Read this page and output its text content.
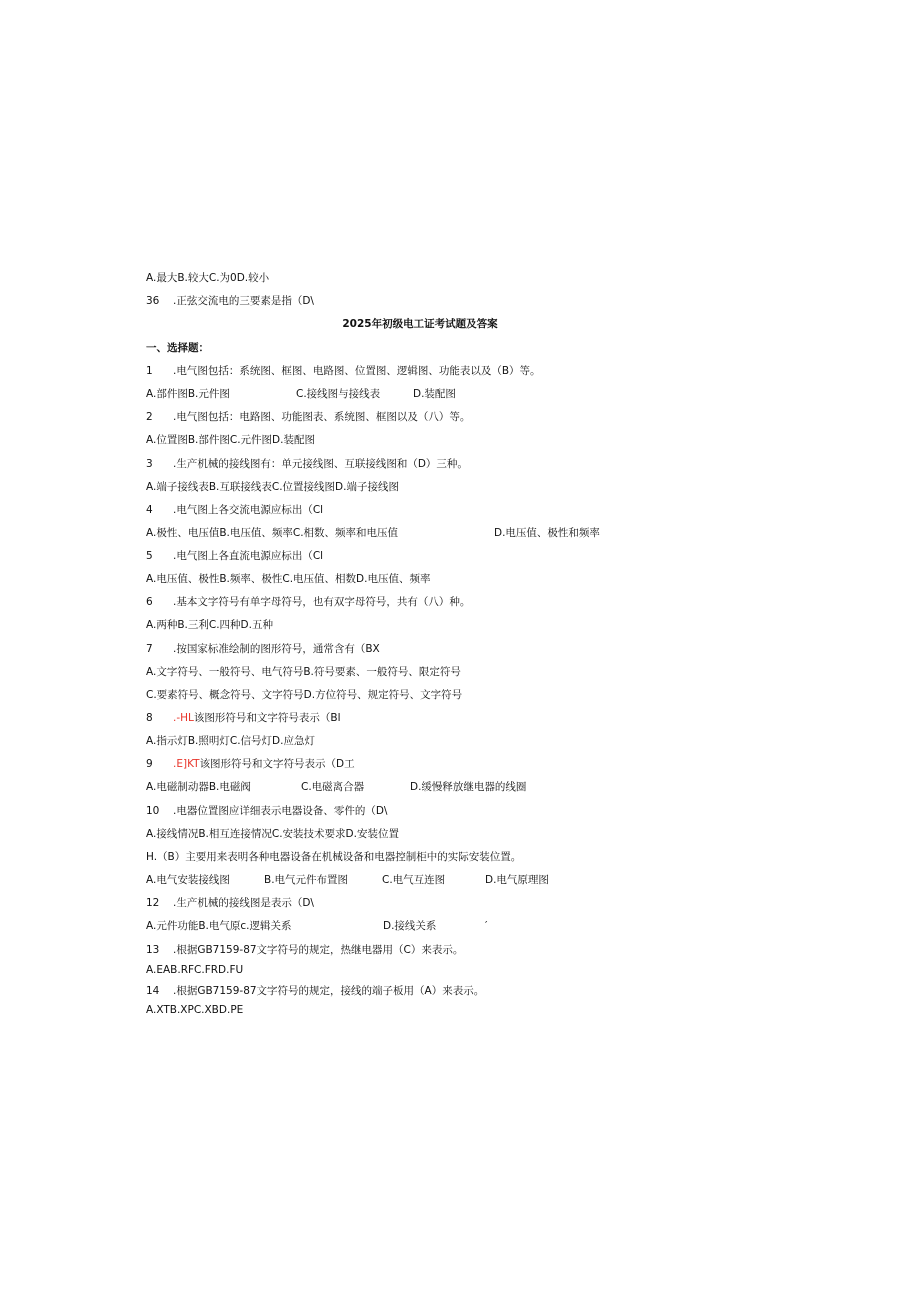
A.最大B.较大C.为0D.较小
36 .正弦交流电的三要素是指（D\
2025年初级电工证考试题及答案
一、选择题：
1 .电气图包括：系统图、框图、电路图、位置图、逻辑图、功能表以及（B）等。
A.部件图B.元件图	C.接线图与接线表	D.装配图
2 .电气图包括：电路图、功能图表、系统图、框图以及（八）等。
A.位置图B.部件图C.元件图D.装配图
3 .生产机械的接线图有：单元接线图、互联接线图和（D）三种。
A.端子接线表B.互联接线表C.位置接线图D.端子接线图
4 .电气图上各交流电源应标出（Cl
A.极性、电压值B.电压值、频率C.相数、频率和电压值	D.电压值、极性和频率
5 .电气图上各直流电源应标出（Cl
A.电压值、极性B.频率、极性C.电压值、相数D.电压值、频率
6 .基本文字符号有单字母符号，也有双字母符号，共有（八）种。
A.两种B.三利C.四种D.五种
7 .按国家标准绘制的图形符号，通常含有（BX
A.文字符号、一般符号、电气符号B.符号要素、一般符号、限定符号
C.要素符号、概念符号、文字符号D.方位符号、规定符号、文字符号
8 .-HL该图形符号和文字符号表示（Bl
A.指示灯B.照明灯C.信号灯D.应急灯
9 .E]KT该图形符号和文字符号表示（D工
A.电磁制动器B.电磁阀	C.电磁离合器	D.缓慢释放继电器的线圈
10 .电器位置图应详细表示电器设备、零件的（D\
A.接线情况B.相互连接情况C.安装技术要求D.安装位置
H.（B）主要用来表明各种电器设备在机械设备和电器控制柜中的实际安装位置。
A.电气安装接线图	B.电气元件布置图	C.电气互连图	D.电气原理图
12 .生产机械的接线图是表示（D\
A.元件功能B.电气原c.逻辑关系	D.接线关系	′
13 .根据GB7159-87文字符号的规定，热继电器用（C）来表示。
A.EAB.RFC.FRD.FU
14 .根据GB7159-87文字符号的规定，接线的端子板用（A）来表示。
A.XTB.XPC.XBD.PE
